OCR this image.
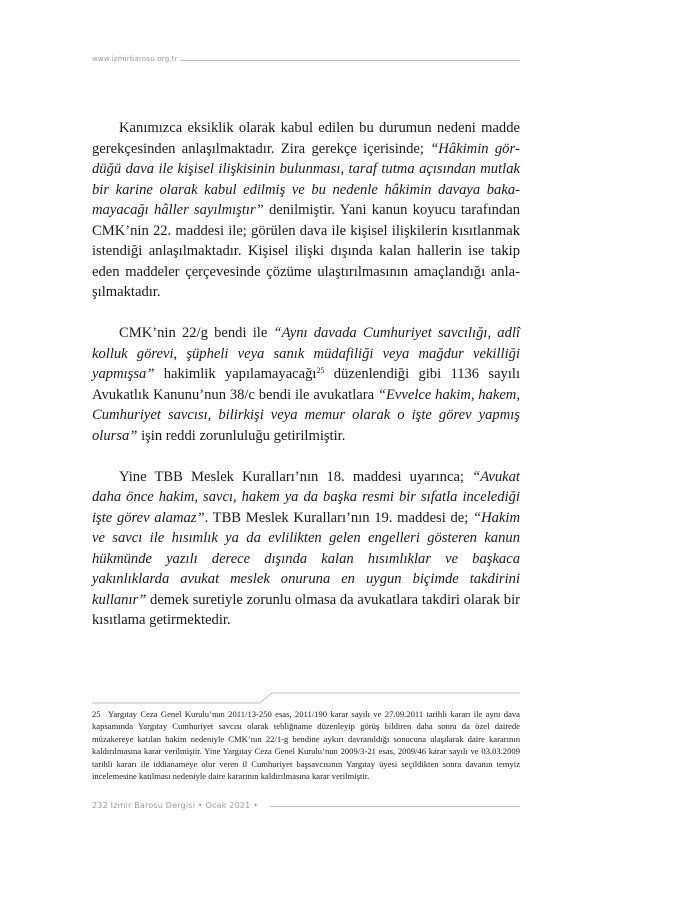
www.izmirbarosu.org.tr

Kanımızca eksiklik olarak kabul edilen bu durumun nedeni madde gerekçesinden anlaşılmaktadır. Zira gerekçe içerisinde; “Hâkimin gördüğü dava ile kişisel ilişkisinin bulunması, taraf tutma açısından mutlak bir karine olarak kabul edilmiş ve bu nedenle hâkimin davaya bakamayacağı hâller sayılmıştır” denilmiştir. Yani kanun koyucu tarafından CMK’nin 22. maddesi ile; görülen dava ile kişisel ilişkilerin kısıtlanmak istendiği anlaşılmaktadır. Kişisel ilişki dışında kalan hallerin ise takip eden maddeler çerçevesinde çözüme ulaştırılmasının amaçlandığı anlaşılmaktadır.

CMK’nin 22/g bendi ile “Aynı davada Cumhuriyet savcılığı, adlî kolluk görevi, şüpheli veya sanık müdafiliği veya mağdur vekilliği yapmışsa” hakimlik yapılamayacağı$^{25}$ düzenlendiği gibi 1136 sayılı Avukatlık Kanunu’nun 38/c bendi ile avukatlara “Evvelce hakim, hakem, Cumhuriyet savcısı, bilirkişi veya memur olarak o işte görev yapmış olursa” işin reddi zorunluluğu getirilmiştir.

Yine TBB Meslek Kuralları’nın 18. maddesi uyarınca; “Avukat daha önce hakim, savcı, hakem ya da başka resmi bir sıfatla incelediği işte görev alamaz”. TBB Meslek Kuralları’nın 19. maddesi de; “Hakim ve savcı ile hısımlık ya da evlilikten gelen engelleri gösteren kanun hükmünde yazılı derece dışında kalan hısımlıklar ve başkaca yakınlıklarda avukat meslek onuruna en uygun biçimde takdirini kullanır” demek suretiyle zorunlu olmasa da avukatlara takdiri olarak bir kısıtlama getirmektedir.

25 Yargıtay Ceza Genel Kurulu’nun 2011/13-250 esas, 2011/190 karar sayılı ve 27.09.2011 tarihli kararı ile aynı dava kapsamında Yargıtay Cumhuriyet savcısı olarak tebliğname düzenleyip görüş bildiren daha sonra da özel dairede müzakereye katılan hakim nedeniyle CMK’nın 22/1-g bendine aykırı davranıldığı sonucuna ulaşılarak daire kararının kaldırılmasına karar verilmiştir. Yine Yargıtay Ceza Genel Kurulu’nun 2009/3-21 esas, 2009/46 karar sayılı ve 03.03.2009 tarihli kararı ile iddianameye olur veren il Cumhuriyet başsavcısının Yargıtay üyesi seçildikten sonra davanın temyiz incelemesine katılması nedeniyle daire kararının kaldırılmasına karar verilmiştir.
232 İzmir Barosu Dergisi • Ocak 2021 •
